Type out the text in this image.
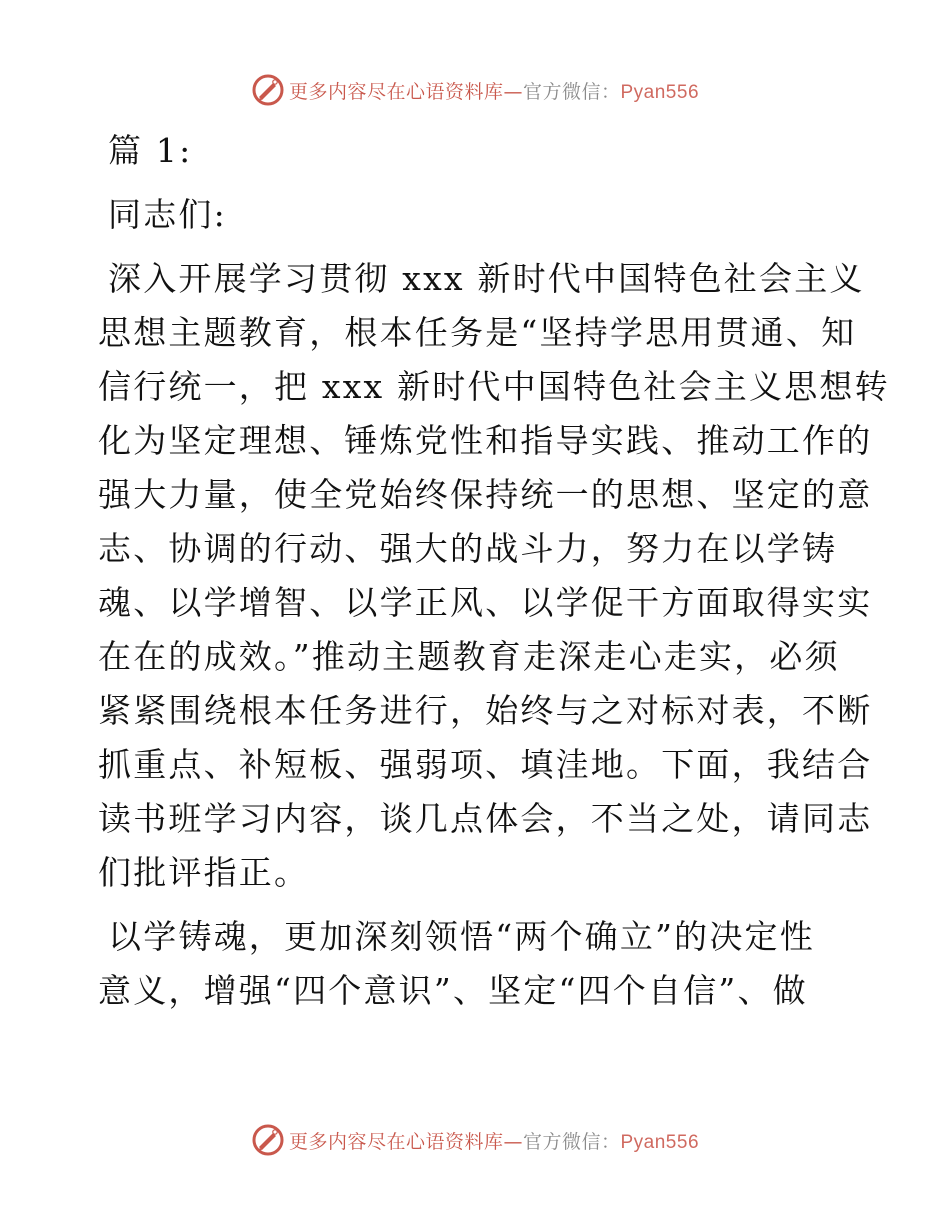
更多内容尽在心语资料库—官方微信：Pyan556
篇 1:
同志们:
深入开展学习贯彻 xxx 新时代中国特色社会主义
思想主题教育，根本任务是“坚持学思用贯通、知
信行统一，把 xxx 新时代中国特色社会主义思想转
化为坚定理想、锤炼党性和指导实践、推动工作的
强大力量，使全党始终保持统一的思想、坚定的意
志、协调的行动、强大的战斗力，努力在以学铸
魂、以学增智、以学正风、以学促干方面取得实实
在在的成效。”推动主题教育走深走心走实，必须
紧紧围绕根本任务进行，始终与之对标对表，不断
抓重点、补短板、强弱项、填洼地。下面，我结合
读书班学习内容，谈几点体会，不当之处，请同志
们批评指正。
以学铸魂，更加深刻领悟“两个确立”的决定性
意义，增强“四个意识”、坚定“四个自信”、做
更多内容尽在心语资料库—官方微信：Pyan556
